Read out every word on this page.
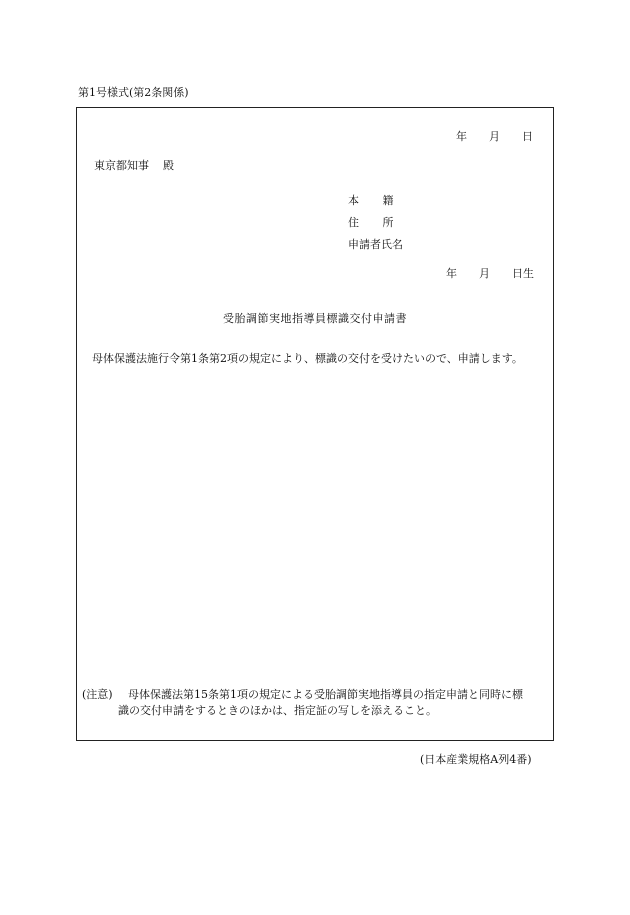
第1号様式(第2条関係)
年 月 日
東京都知事 殿
本 籍
住 所
申請者氏名
年 月 日生
受胎調節実地指導員標識交付申請書
母体保護法施行令第1条第2項の規定により、標識の交付を受けたいので、申請します。
(注意) 母体保護法第15条第1項の規定による受胎調節実地指導員の指定申請と同時に標
識の交付申請をするときのほかは、指定証の写しを添えること。
(日本産業規格A列4番)
